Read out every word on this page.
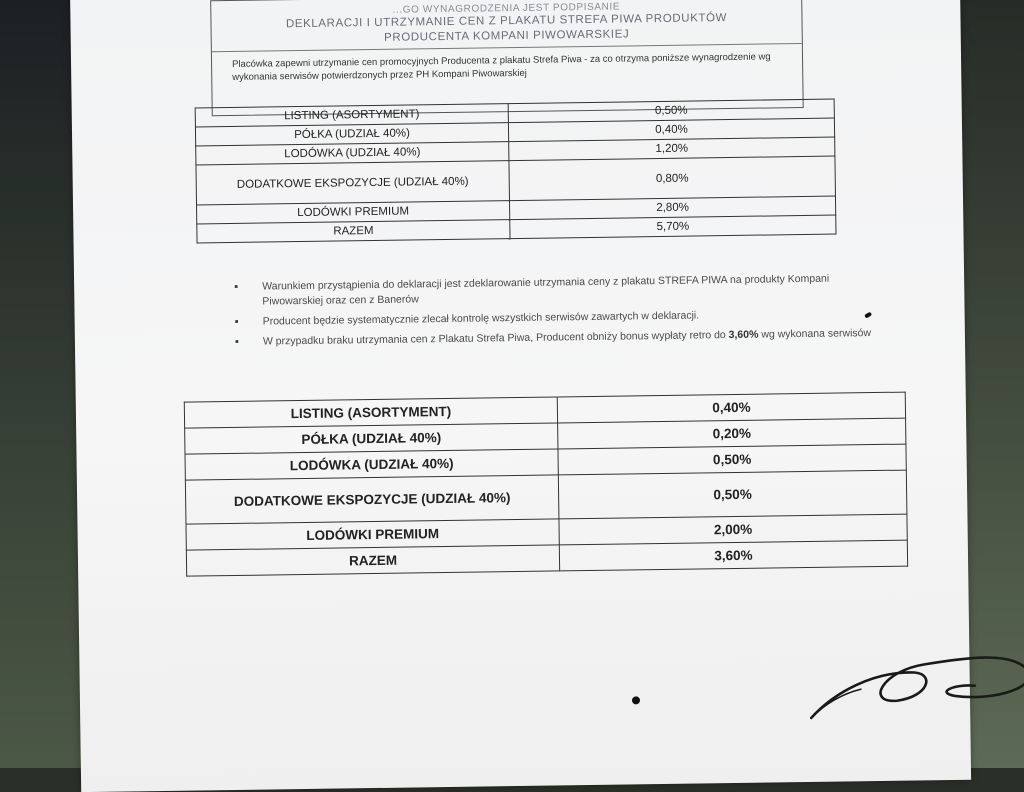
...GO WYNAGRODZENIA JEST PODPISANIE
DEKLARACJI I UTRZYMANIE CEN Z PLAKATU STREFA PIWA PRODUKTÓW PRODUCENTA KOMPANI PIWOWARSKIEJ
Placówka zapewni utrzymanie cen promocyjnych Producenta z plakatu Strefa Piwa - za co otrzyma poniższe wynagrodzenie wg wykonania serwisów potwierdzonych przez PH Kompani Piwowarskiej
LISTING (ASORTYMENT)	0,50%
PÓŁKA (UDZIAŁ 40%)	0,40%
LODÓWKA (UDZIAŁ 40%)	1,20%
DODATKOWE EKSPOZYCJE (UDZIAŁ 40%)	0,80%
LODÓWKI PREMIUM	2,80%
RAZEM	5,70%
▪ Warunkiem przystąpienia do deklaracji jest zdeklarowanie utrzymania ceny z plakatu STREFA PIWA na produkty Kompani Piwowarskiej oraz cen z Banerów
▪ Producent będzie systematycznie zlecał kontrolę wszystkich serwisów zawartych w deklaracji.
▪ W przypadku braku utrzymania cen z Plakatu Strefa Piwa, Producent obniży bonus wypłaty retro do 3,60% wg wykonana serwisów
LISTING (ASORTYMENT)	0,40%
PÓŁKA (UDZIAŁ 40%)	0,20%
LODÓWKA (UDZIAŁ 40%)	0,50%
DODATKOWE EKSPOZYCJE (UDZIAŁ 40%)	0,50%
LODÓWKI PREMIUM	2,00%
RAZEM	3,60%
